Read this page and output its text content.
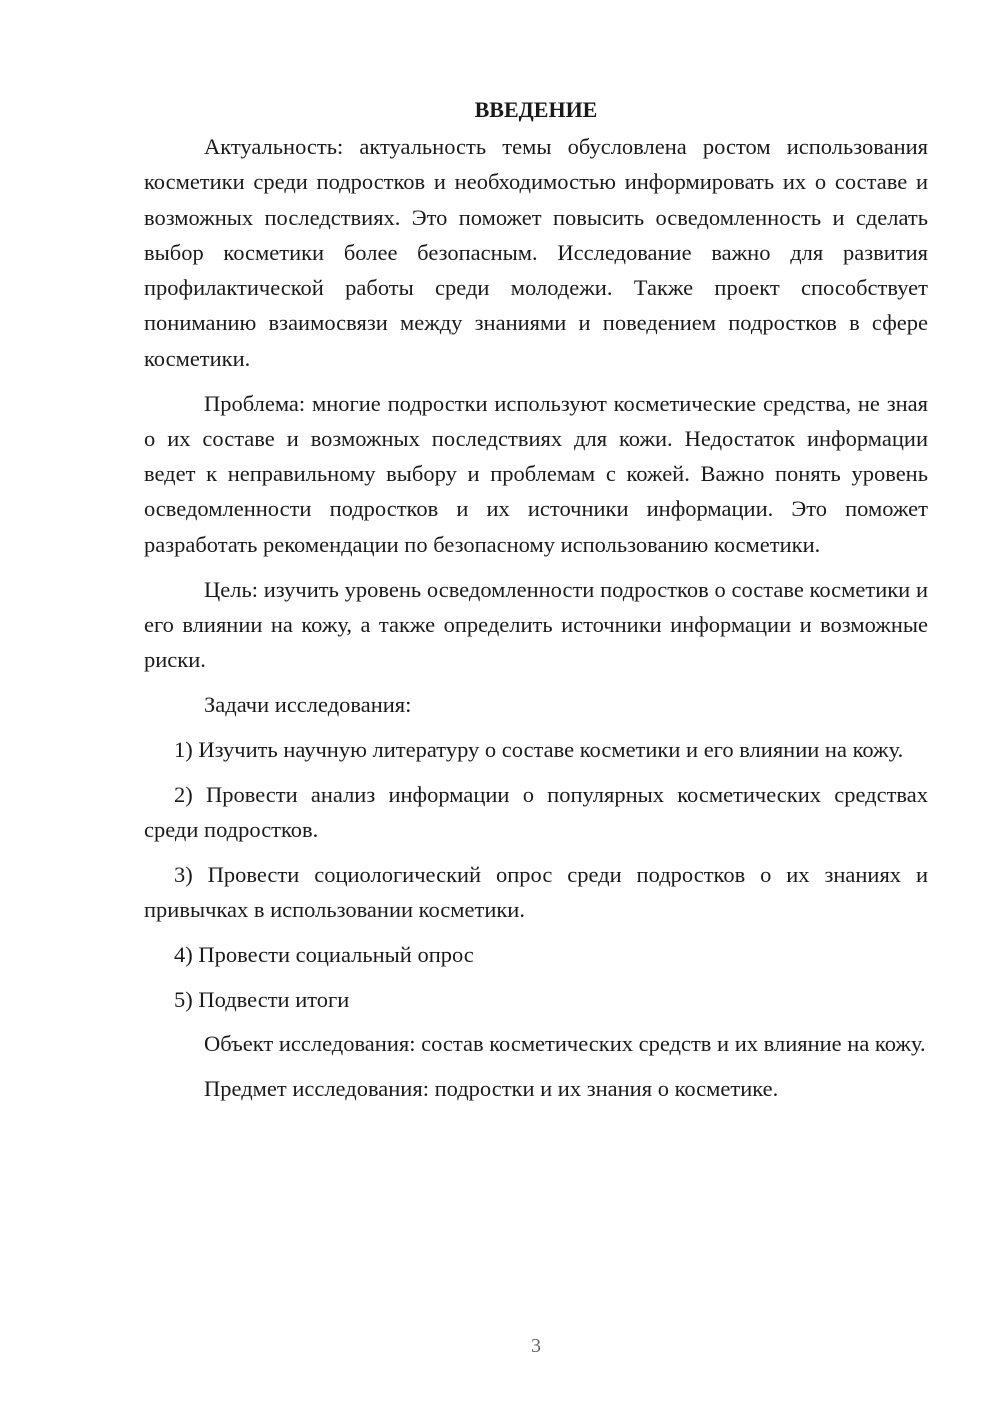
ВВЕДЕНИЕ

Актуальность: актуальность темы обусловлена ростом использования косметики среди подростков и необходимостью информировать их о составе и возможных последствиях. Это поможет повысить осведомленность и сделать выбор косметики более безопасным. Исследование важно для развития профилактической работы среди молодежи. Также проект способствует пониманию взаимосвязи между знаниями и поведением подростков в сфере косметики.

Проблема: многие подростки используют косметические средства, не зная о их составе и возможных последствиях для кожи. Недостаток информации ведет к неправильному выбору и проблемам с кожей. Важно понять уровень осведомленности подростков и их источники информации. Это поможет разработать рекомендации по безопасному использованию косметики.

Цель: изучить уровень осведомленности подростков о составе косметики и его влиянии на кожу, а также определить источники информации и возможные риски.

Задачи исследования:

1) Изучить научную литературу о составе косметики и его влиянии на кожу.

2) Провести анализ информации о популярных косметических средствах среди подростков.

3) Провести социологический опрос среди подростков о их знаниях и привычках в использовании косметики.

4) Провести социальный опрос

5) Подвести итоги

Объект исследования: состав косметических средств и их влияние на кожу.

Предмет исследования: подростки и их знания о косметике.

3
